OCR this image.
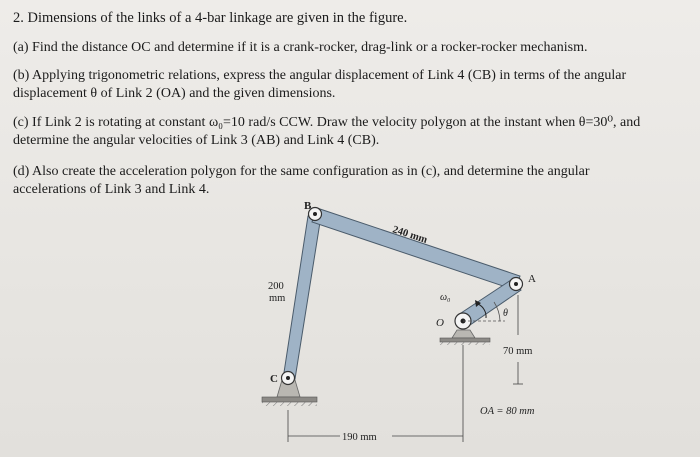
2. Dimensions of the links of a 4-bar linkage are given in the figure.
(a) Find the distance OC and determine if it is a crank-rocker, drag-link or a rocker-rocker mechanism.
(b) Applying trigonometric relations, express the angular displacement of Link 4 (CB) in terms of the angular
displacement θ of Link 2 (OA) and the given dimensions.
(c) If Link 2 is rotating at constant ω₀=10 rad/s CCW. Draw the velocity polygon at the instant when θ=30⁰, and
determine the angular velocities of Link 3 (AB) and Link 4 (CB).
(d) Also create the acceleration polygon for the same configuration as in (c), and determine the angular
accelerations of Link 3 and Link 4.
B
A
C
O
240 mm
200
mm	ω₀
θ
70 mm
OA = 80 mm
190 mm
